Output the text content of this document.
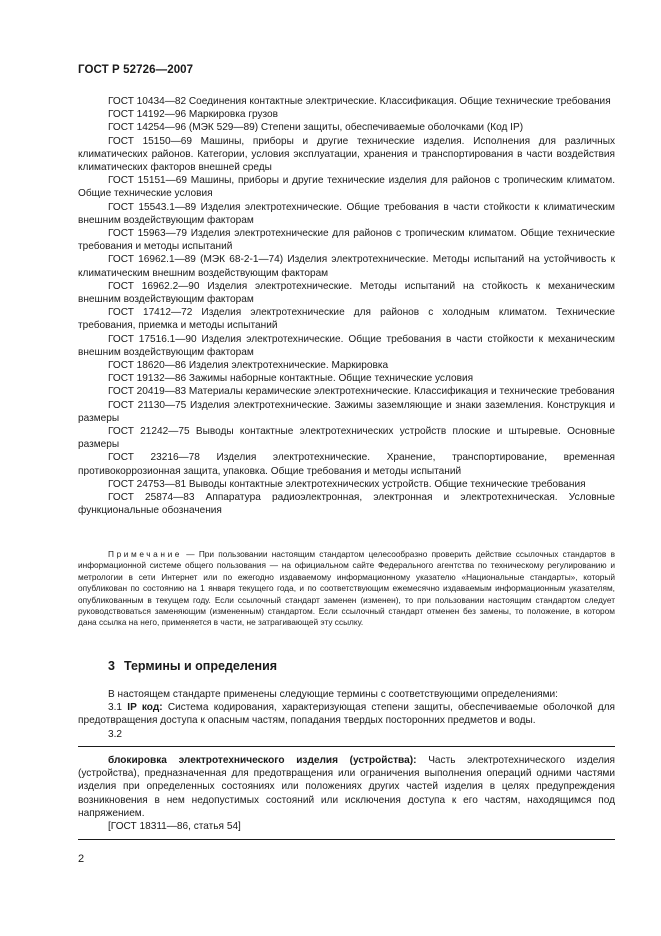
ГОСТ Р 52726—2007

ГОСТ 10434—82 Соединения контактные электрические. Классификация. Общие технические требования

ГОСТ 14192—96 Маркировка грузов

ГОСТ 14254—96 (МЭК 529—89) Степени защиты, обеспечиваемые оболочками (Код IP)

ГОСТ 15150—69 Машины, приборы и другие технические изделия. Исполнения для различных климатических районов. Категории, условия эксплуатации, хранения и транспортирования в части воздействия климатических факторов внешней среды

ГОСТ 15151—69 Машины, приборы и другие технические изделия для районов с тропическим климатом. Общие технические условия

ГОСТ 15543.1—89 Изделия электротехнические. Общие требования в части стойкости к климатическим внешним воздействующим факторам

ГОСТ 15963—79 Изделия электротехнические для районов с тропическим климатом. Общие технические требования и методы испытаний

ГОСТ 16962.1—89 (МЭК 68-2-1—74) Изделия электротехнические. Методы испытаний на устойчивость к климатическим внешним воздействующим факторам

ГОСТ 16962.2—90 Изделия электротехнические. Методы испытаний на стойкость к механическим внешним воздействующим факторам

ГОСТ 17412—72 Изделия электротехнические для районов с холодным климатом. Технические требования, приемка и методы испытаний

ГОСТ 17516.1—90 Изделия электротехнические. Общие требования в части стойкости к механическим внешним воздействующим факторам

ГОСТ 18620—86 Изделия электротехнические. Маркировка

ГОСТ 19132—86 Зажимы наборные контактные. Общие технические условия

ГОСТ 20419—83 Материалы керамические электротехнические. Классификация и технические требования

ГОСТ 21130—75 Изделия электротехнические. Зажимы заземляющие и знаки заземления. Конструкция и размеры

ГОСТ 21242—75 Выводы контактные электротехнических устройств плоские и штыревые. Основные размеры

ГОСТ 23216—78 Изделия электротехнические. Хранение, транспортирование, временная противокоррозионная защита, упаковка. Общие требования и методы испытаний

ГОСТ 24753—81 Выводы контактные электротехнических устройств. Общие технические требования

ГОСТ 25874—83 Аппаратура радиоэлектронная, электронная и электротехническая. Условные функциональные обозначения

Примечание — При пользовании настоящим стандартом целесообразно проверить действие ссылочных стандартов в информационной системе общего пользования — на официальном сайте Федерального агентства по техническому регулированию и метрологии в сети Интернет или по ежегодно издаваемому информационному указателю «Национальные стандарты», который опубликован по состоянию на 1 января текущего года, и по соответствующим ежемесячно издаваемым информационным указателям, опубликованным в текущем году. Если ссылочный стандарт заменен (изменен), то при пользовании настоящим стандартом следует руководствоваться заменяющим (измененным) стандартом. Если ссылочный стандарт отменен без замены, то положение, в котором дана ссылка на него, применяется в части, не затрагивающей эту ссылку.

3 Термины и определения

В настоящем стандарте применены следующие термины с соответствующими определениями:

3.1 IP код: Система кодирования, характеризующая степени защиты, обеспечиваемые оболочкой для предотвращения доступа к опасным частям, попадания твердых посторонних предметов и воды.

3.2

блокировка электротехнического изделия (устройства): Часть электротехнического изделия (устройства), предназначенная для предотвращения или ограничения выполнения операций одними частями изделия при определенных состояниях или положениях других частей изделия в целях предупреждения возникновения в нем недопустимых состояний или исключения доступа к его частям, находящимся под напряжением.

[ГОСТ 18311—86, статья 54]

2
